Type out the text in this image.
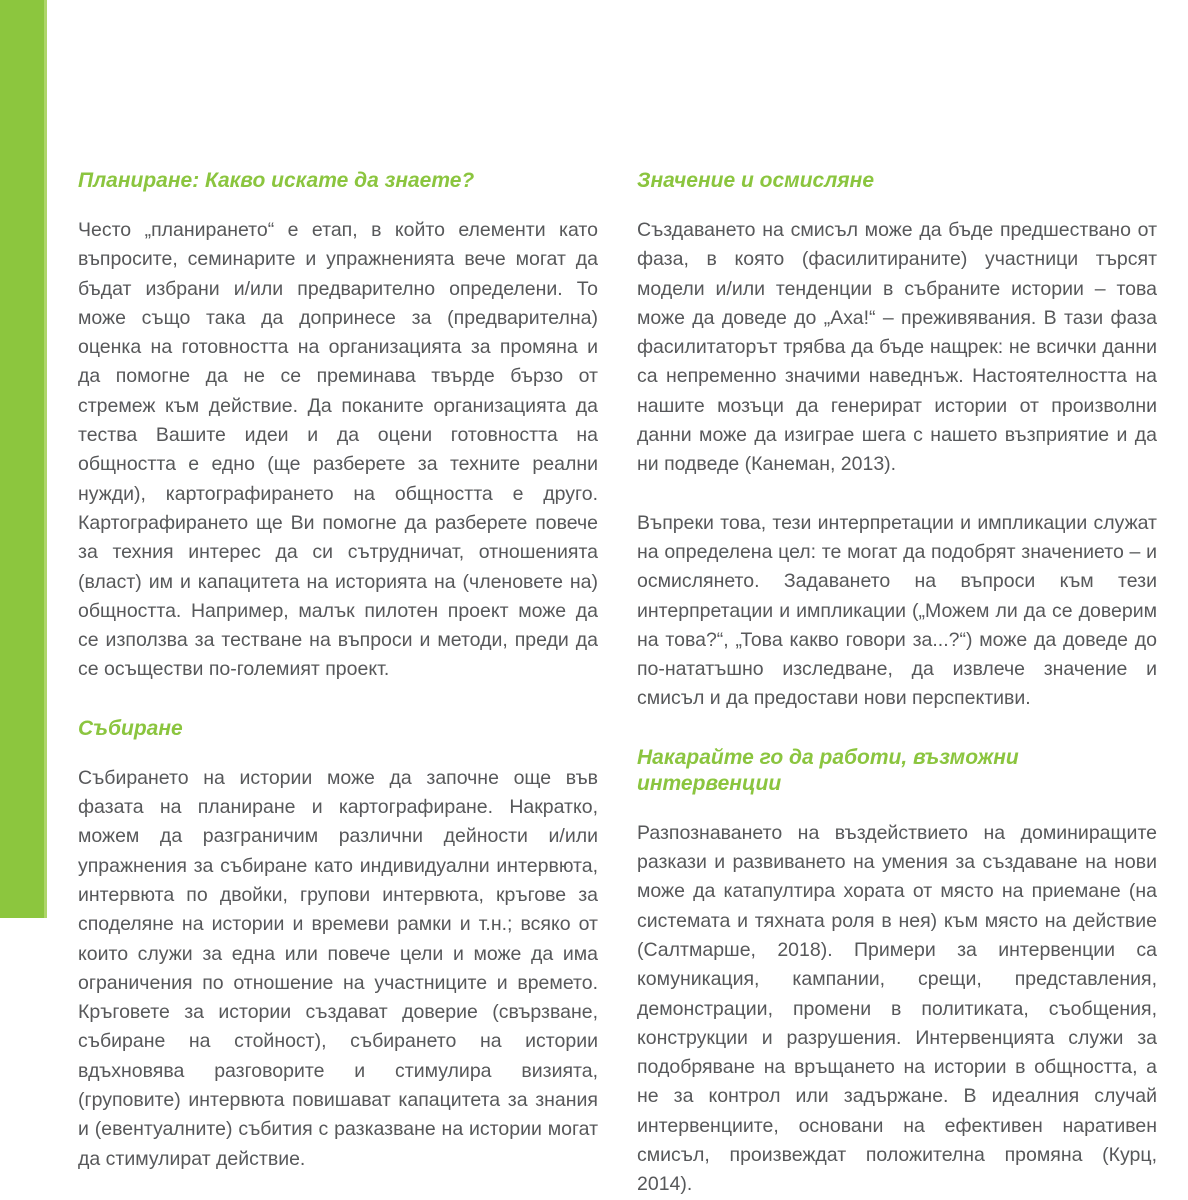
Планиране: Какво искате да знаете?

Често „планирането“ е етап, в който елементи като въпросите, семинарите и упражненията вече могат да бъдат избрани и/или предварително определени. То може също така да допринесе за (предварителна) оценка на готовността на организацията за промяна и да помогне да не се преминава твърде бързо от стремеж към действие. Да поканите организацията да тества Вашите идеи и да оцени готовността на общността е едно (ще разберете за техните реални нужди), картографирането на общността е друго. Картографирането ще Ви помогне да разберете повече за техния интерес да си сътрудничат, отношенията (власт) им и капацитета на историята на (членовете на) общността. Например, малък пилотен проект може да се използва за тестване на въпроси и методи, преди да се осъществи по-големият проект.

Събиране

Събирането на истории може да започне още във фазата на планиране и картографиране. Накратко, можем да разграничим различни дейности и/или упражнения за събиране като индивидуални интервюта, интервюта по двойки, групови интервюта, кръгове за споделяне на истории и времеви рамки и т.н.; всяко от които служи за една или повече цели и може да има ограничения по отношение на участниците и времето. Кръговете за истории създават доверие (свързване, събиране на стойност), събирането на истории вдъхновява разговорите и стимулира визията, (груповите) интервюта повишават капацитета за знания и (евентуалните) събития с разказване на истории могат да стимулират действие.

Значение и осмисляне

Създаването на смисъл може да бъде предшествано от фаза, в която (фасилитираните) участници търсят модели и/или тенденции в събраните истории – това може да доведе до „Аха!“ – преживявания. В тази фаза фасилитаторът трябва да бъде нащрек: не всички данни са непременно значими наведнъж. Настоятелността на нашите мозъци да генерират истории от произволни данни може да изиграе шега с нашето възприятие и да ни подведе (Канеман, 2013).

Въпреки това, тези интерпретации и импликации служат на определена цел: те могат да подобрят значението – и осмислянето. Задаването на въпроси към тези интерпретации и импликации („Можем ли да се доверим на това?“, „Това какво говори за...?“) може да доведе до по-нататъшно изследване, да извлече значение и смисъл и да предостави нови перспективи.

Накарайте го да работи, възможни интервенции

Разпознаването на въздействието на доминиращите разкази и развиването на умения за създаване на нови може да катапултира хората от място на приемане (на системата и тяхната роля в нея) към място на действие (Салтмарше, 2018). Примери за интервенции са комуникация, кампании, срещи, представления, демонстрации, промени в политиката, съобщения, конструкции и разрушения. Интервенцията служи за подобряване на връщането на истории в общността, а не за контрол или задържане. В идеалния случай интервенциите, основани на ефективен наративен смисъл, произвеждат положителна промяна (Курц, 2014).
